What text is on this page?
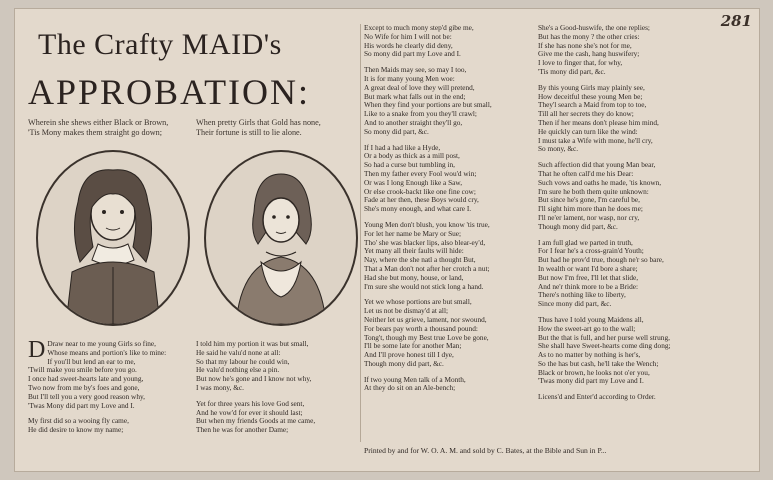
281
The Crafty MAID's
APPROBATION:
Wherein she shews either Black or Brown,
'Tis Mony makes them straight go down;
When pretty Girls that Gold has none,
Their fortune is still to lie alone.
D Draw near to me young Girls so fine,

Whose means and portion's like to mine:

If you'll but lend an ear to me,

'Twill make you smile before you go.

I once had sweet-hearts late and young,

Two now from me by's foes and gone,

But I'll tell you a very good reason why,

'Twas Mony did part my Love and I.

My first did so a wooing fly came,

He did desire to know my name;

I told him my portion it was but small,

He said he valu'd none at all:

So that my labour he could win,

He valu'd nothing else a pin.

But now he's gone and I know not why,

I was mony, &c.

Yet for three years his love God sent,

And he vow'd for ever it should last;

But when my friends Goods at me came,

Then he was for another Dame;

Except to much mony step'd gibe me,

No Wife for him I will not be:

His words he clearly did deny,

So mony did part my Love and I.

Then Maids may see, so may I too,

It is for many young Men woe:

A great deal of love they will pretend,

But mark what falls out in the end;

When they find your portions are but small,

Like to a snake from you they'll crawl;

And to another straight they'll go,

So mony did part, &c.

If I had a had like a Hyde,

Or a body as thick as a mill post,

So had a curse but tumbling in,

Then my father every Fool wou'd win;

Or was I long Enough like a Saw,

Or else crook-backt like one fine cow;

Fade at her then, these Boys would cry,

She's mony enough, and what care I.

Young Men don't blush, you know 'tis true,

For let her name be Mary or Sue;

Tho' she was blacker lips, also blear-ey'd,

Yet many all their faults will hide:

Nay, where the she natl a thought But,

That a Man don't not after her crotch a nut;

Had she but mony, house, or land,

I'm sure she would not stick long a hand.

Yet we whose portions are but small,

Let us not be dismay'd at all;

Neither let us grieve, lament, nor swound,

For bears pay worth a thousand pound:

Tong't, though my Best true Love be gone,

I'll be some late for another Man;

And I'll prove honest till I dye,

Though mony did part, &c.

If two young Men talk of a Month,

At they do sit on an Ale-bench;

She's a Good-huswife, the one replies;

But has the mony ? the other cries:

If she has none she's not for me,

Give me the cash, hang huswifery;

I love to finger that, for why,

'Tis mony did part, &c.

By this young Girls may plainly see,

How deceitful these young Men be;

They'l search a Maid from top to toe,

Till all her secrets they do know;

Then if her means don't please him mind,

He quickly can turn like the wind:

I must take a Wife with mone, he'll cry,

So mony, &c.

Such affection did that young Man bear,

That he often call'd me his Dear:

Such vows and oaths he made, 'tis known,

I'm sure he both them quite unknown:

But since he's gone, I'm careful be,

I'll sight him more than he does me;

I'll ne'er lament, nor wasp, nor cry,

Though mony did part, &c.

I am full glad we parted in truth,

For I fear he's a cross-grain'd Youth;

But had he prov'd true, though ne'r so bare,

In wealth or want I'd bore a share;

But now I'm free, I'll let that slide,

And ne'r think more to be a Bride:

There's nothing like to liberty,

Since mony did part, &c.

Thus have I told young Maidens all,

How the sweet-art go to the wall;

But the that is full, and her purse well strung,

She shall have Sweet-hearts come ding dong;

As to no matter by nothing is her's,

So the has but cash, he'll take the Wench;

Black or brown, he looks not o'er you,

'Twas mony did part my Love and I.

Licens'd and Enter'd according to Order.

Printed by and for W. O. A. M. and sold by C. Bates, at the Bible and Sun in P...
